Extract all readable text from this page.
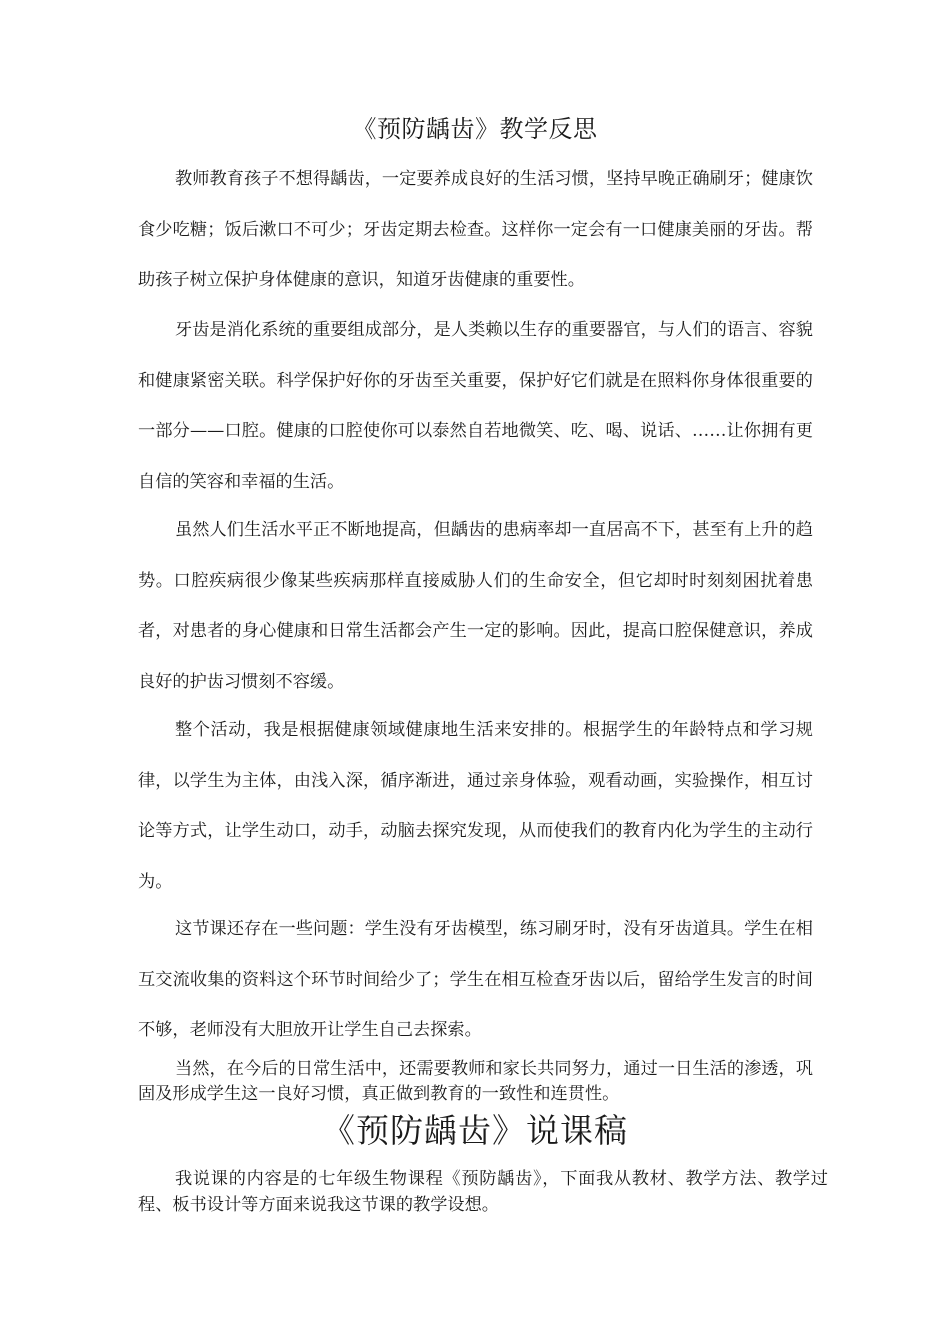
《预防龋齿》教学反思

教师教育孩子不想得龋齿，一定要养成良好的生活习惯，坚持早晚正确刷牙；健康饮食少吃糖；饭后漱口不可少；牙齿定期去检查。这样你一定会有一口健康美丽的牙齿。帮助孩子树立保护身体健康的意识，知道牙齿健康的重要性。

牙齿是消化系统的重要组成部分，是人类赖以生存的重要器官，与人们的语言、容貌和健康紧密关联。科学保护好你的牙齿至关重要，保护好它们就是在照料你身体很重要的一部分——口腔。健康的口腔使你可以泰然自若地微笑、吃、喝、说话、……让你拥有更自信的笑容和幸福的生活。

虽然人们生活水平正不断地提高，但龋齿的患病率却一直居高不下，甚至有上升的趋势。口腔疾病很少像某些疾病那样直接威胁人们的生命安全，但它却时时刻刻困扰着患者，对患者的身心健康和日常生活都会产生一定的影响。因此，提高口腔保健意识，养成良好的护齿习惯刻不容缓。

整个活动，我是根据健康领域健康地生活来安排的。根据学生的年龄特点和学习规律，以学生为主体，由浅入深，循序渐进，通过亲身体验，观看动画，实验操作，相互讨论等方式，让学生动口，动手，动脑去探究发现，从而使我们的教育内化为学生的主动行为。

这节课还存在一些问题：学生没有牙齿模型，练习刷牙时，没有牙齿道具。学生在相互交流收集的资料这个环节时间给少了；学生在相互检查牙齿以后，留给学生发言的时间不够，老师没有大胆放开让学生自己去探索。

当然，在今后的日常生活中，还需要教师和家长共同努力，通过一日生活的渗透，巩固及形成学生这一良好习惯，真正做到教育的一致性和连贯性。

《预防龋齿》说课稿

我说课的内容是的七年级生物课程《预防龋齿》，下面我从教材、教学方法、教学过程、板书设计等方面来说我这节课的教学设想。
